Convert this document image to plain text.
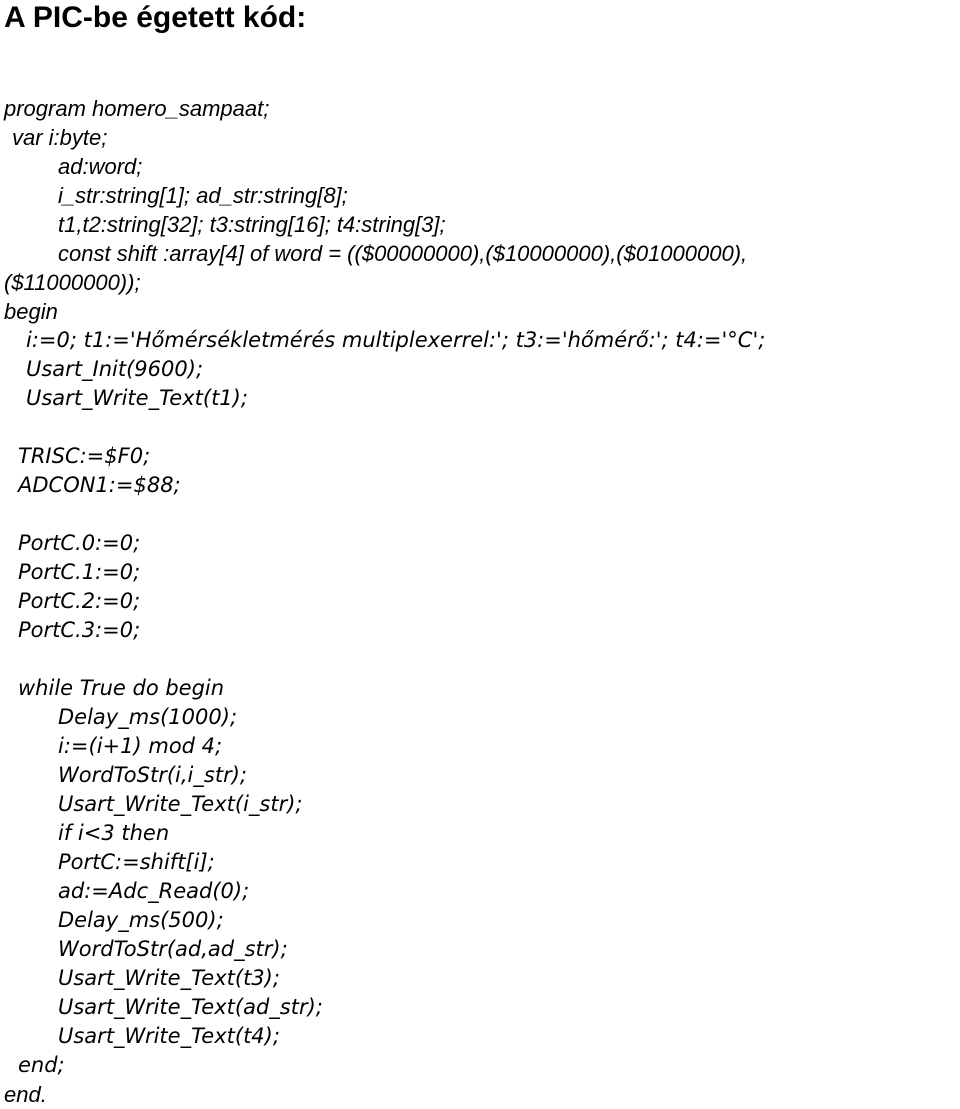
A PIC-be égetett kód:
program homero_sampaat;
var i:byte;
ad:word;
i_str:string[1]; ad_str:string[8];
t1,t2:string[32]; t3:string[16]; t4:string[3];
const shift :array[4] of word = (($00000000),($10000000),($01000000),
($11000000));
begin
i:=0; t1:='Hőmérsékletmérés multiplexerrel:'; t3:='hőmérő:'; t4:='°C';
Usart_Init(9600);
Usart_Write_Text(t1);
TRISC:=$F0;
ADCON1:=$88;
PortC.0:=0;
PortC.1:=0;
PortC.2:=0;
PortC.3:=0;
while True do begin
Delay_ms(1000);
i:=(i+1) mod 4;
WordToStr(i,i_str);
Usart_Write_Text(i_str);
if i<3 then
PortC:=shift[i];
ad:=Adc_Read(0);
Delay_ms(500);
WordToStr(ad,ad_str);
Usart_Write_Text(t3);
Usart_Write_Text(ad_str);
Usart_Write_Text(t4);
end;
end.
